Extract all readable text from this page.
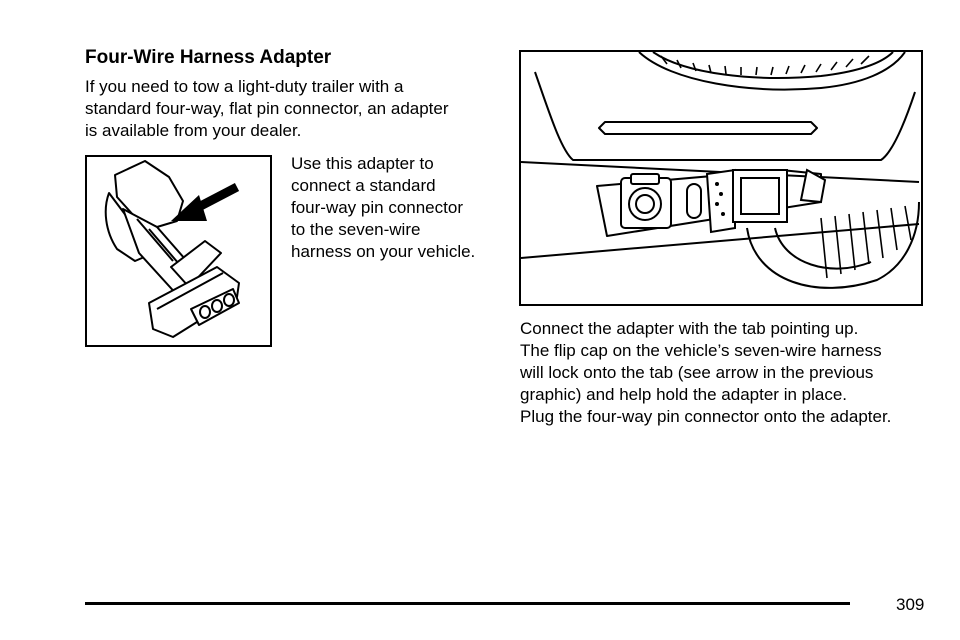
Four-Wire Harness Adapter

If you need to tow a light-duty trailer with a
standard four-way, flat pin connector, an adapter
is available from your dealer.

Use this adapter to
connect a standard
four-way pin connector
to the seven-wire
harness on your vehicle.

Connect the adapter with the tab pointing up.
The flip cap on the vehicle’s seven-wire harness
will lock onto the tab (see arrow in the previous
graphic) and help hold the adapter in place.
Plug the four-way pin connector onto the adapter.

309
